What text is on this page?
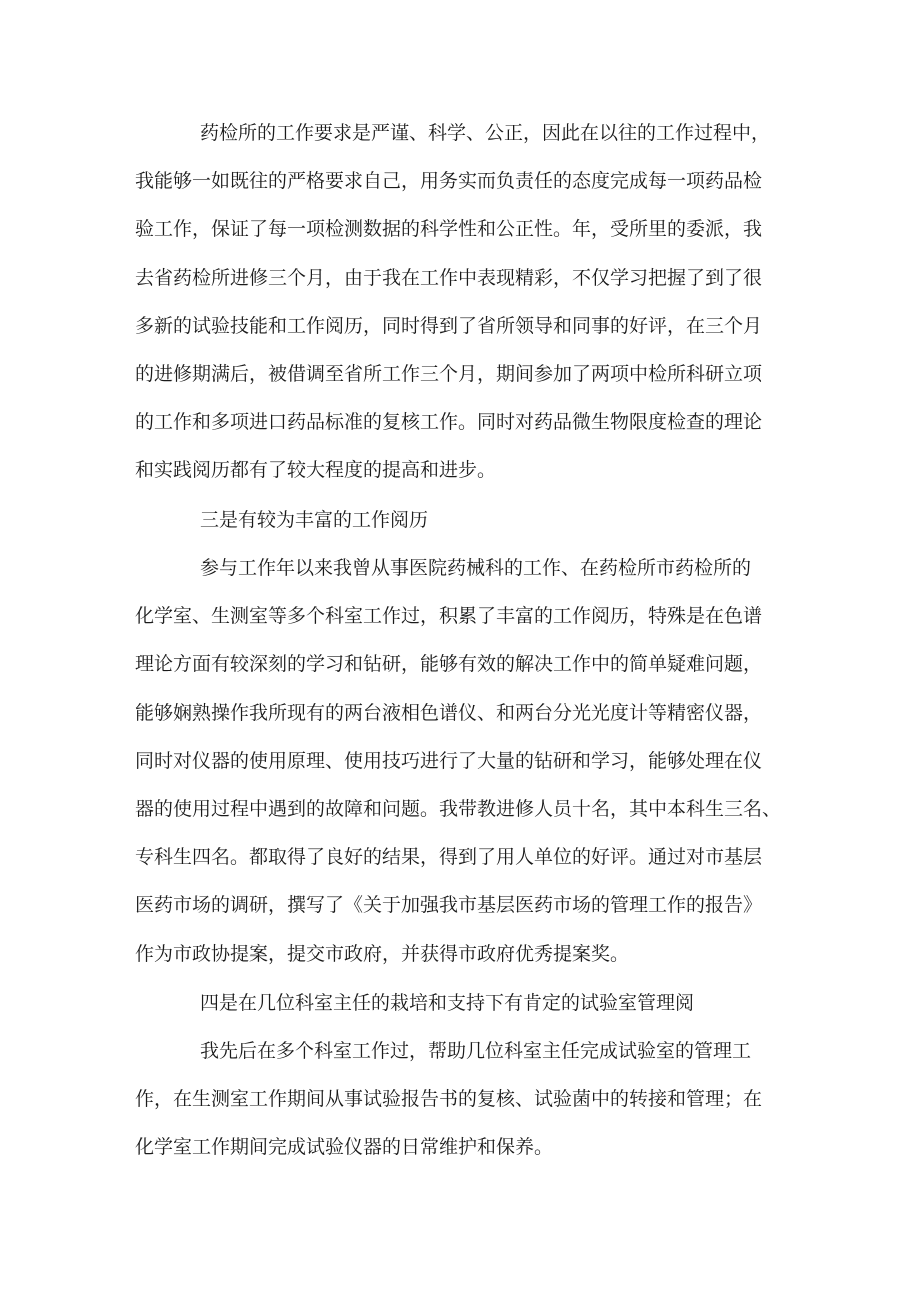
药检所的工作要求是严谨、科学、公正，因此在以往的工作过程中，
我能够一如既往的严格要求自己，用务实而负责任的态度完成每一项药品检
验工作，保证了每一项检测数据的科学性和公正性。年，受所里的委派，我
去省药检所进修三个月，由于我在工作中表现精彩，不仅学习把握了到了很
多新的试验技能和工作阅历，同时得到了省所领导和同事的好评，在三个月
的进修期满后，被借调至省所工作三个月，期间参加了两项中检所科研立项
的工作和多项进口药品标准的复核工作。同时对药品微生物限度检查的理论
和实践阅历都有了较大程度的提高和进步。
三是有较为丰富的工作阅历
参与工作年以来我曾从事医院药械科的工作、在药检所市药检所的
化学室、生测室等多个科室工作过，积累了丰富的工作阅历，特殊是在色谱
理论方面有较深刻的学习和钻研，能够有效的解决工作中的简单疑难问题，
能够娴熟操作我所现有的两台液相色谱仪、和两台分光光度计等精密仪器，
同时对仪器的使用原理、使用技巧进行了大量的钻研和学习，能够处理在仪
器的使用过程中遇到的故障和问题。我带教进修人员十名，其中本科生三名、
专科生四名。都取得了良好的结果，得到了用人单位的好评。通过对市基层
医药市场的调研，撰写了《关于加强我市基层医药市场的管理工作的报告》
作为市政协提案，提交市政府，并获得市政府优秀提案奖。
四是在几位科室主任的栽培和支持下有肯定的试验室管理阅
我先后在多个科室工作过，帮助几位科室主任完成试验室的管理工
作，在生测室工作期间从事试验报告书的复核、试验菌中的转接和管理；在
化学室工作期间完成试验仪器的日常维护和保养。
